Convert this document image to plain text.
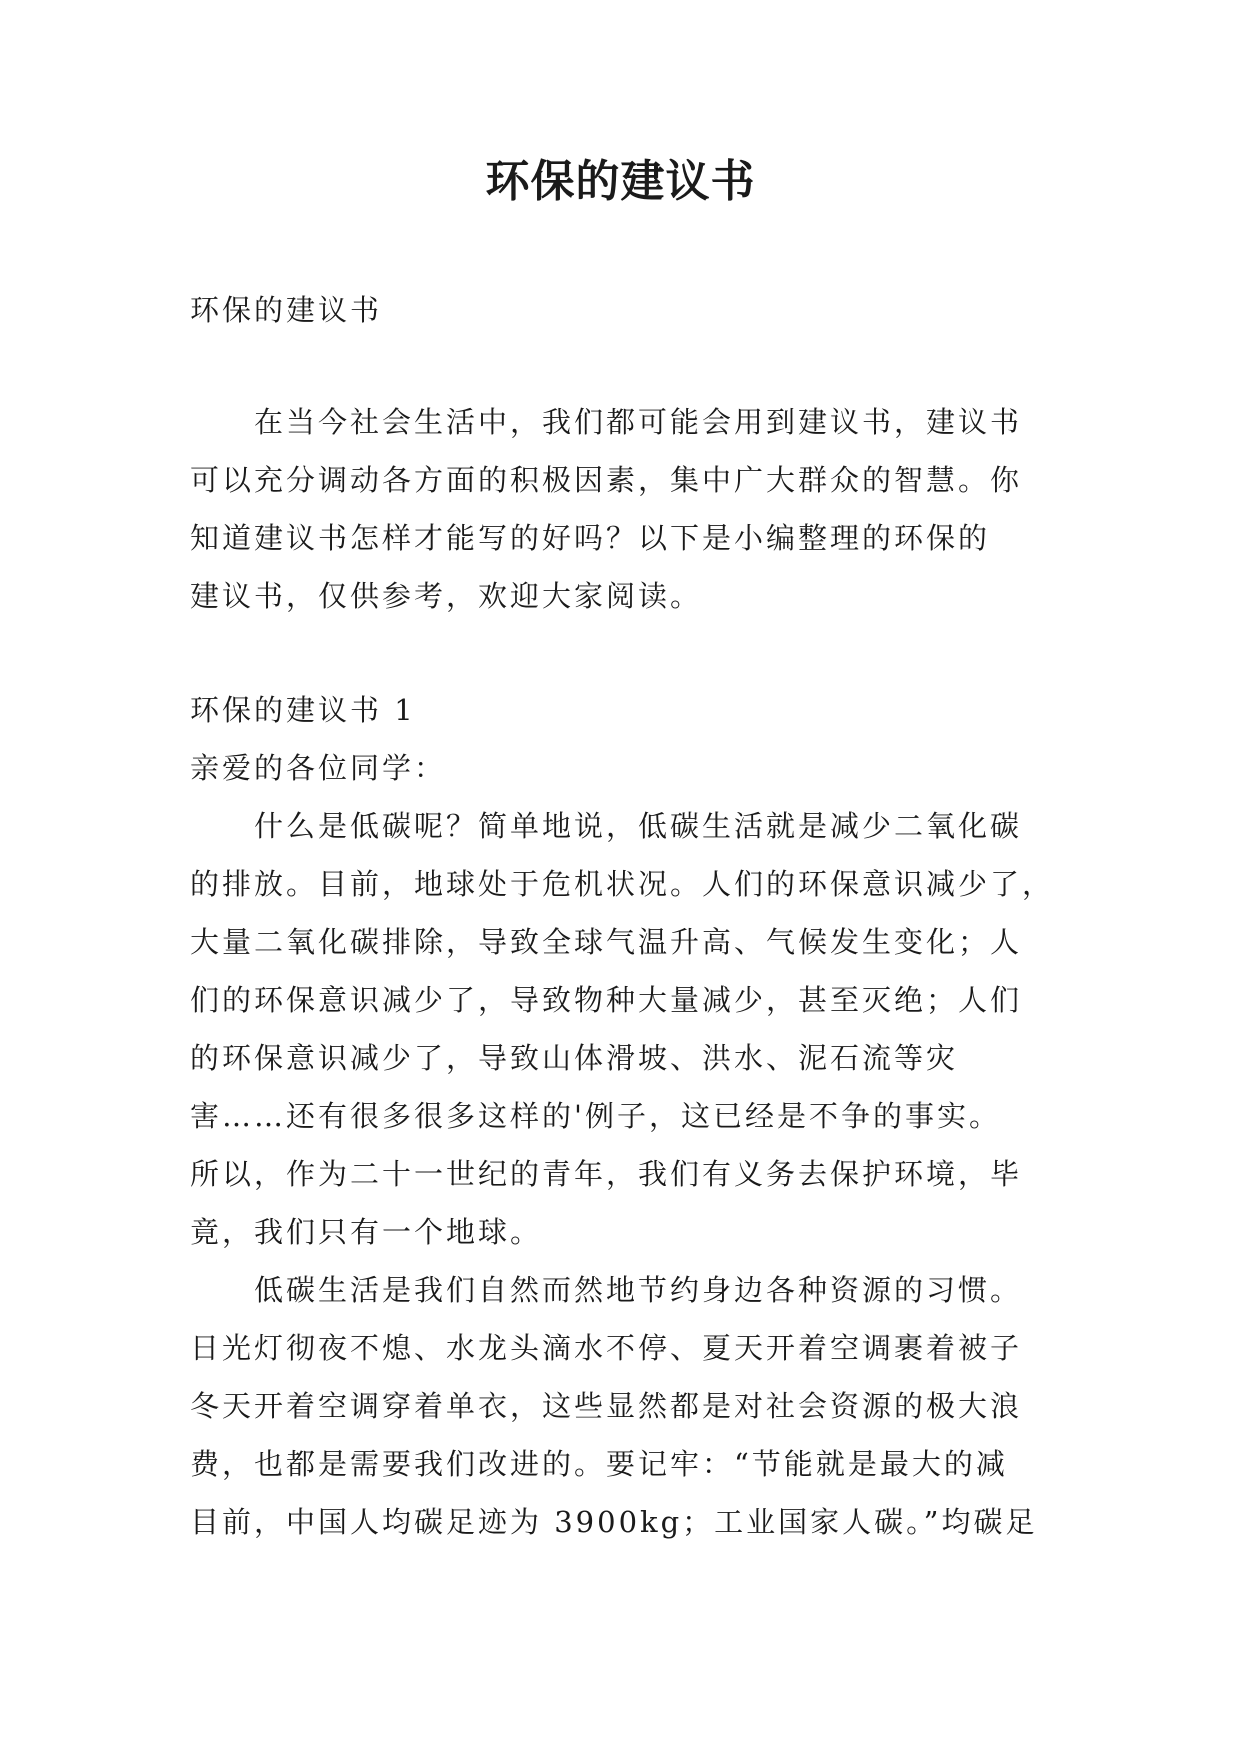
环保的建议书

环保的建议书

　　在当今社会生活中，我们都可能会用到建议书，建议书

可以充分调动各方面的积极因素，集中广大群众的智慧。你

知道建议书怎样才能写的好吗？以下是小编整理的环保的

建议书，仅供参考，欢迎大家阅读。

环保的建议书 1

亲爱的各位同学：

　　什么是低碳呢？简单地说，低碳生活就是减少二氧化碳

的排放。目前，地球处于危机状况。人们的环保意识减少了，

大量二氧化碳排除，导致全球气温升高、气候发生变化；人

们的环保意识减少了，导致物种大量减少，甚至灭绝；人们

的环保意识减少了，导致山体滑坡、洪水、泥石流等灾

害……还有很多很多这样的'例子，这已经是不争的事实。

所以，作为二十一世纪的青年，我们有义务去保护环境，毕

竟，我们只有一个地球。

　　低碳生活是我们自然而然地节约身边各种资源的习惯。

日光灯彻夜不熄、水龙头滴水不停、夏天开着空调裹着被子

冬天开着空调穿着单衣，这些显然都是对社会资源的极大浪

费，也都是需要我们改进的。要记牢：“节能就是最大的减

目前，中国人均碳足迹为 3900kg；工业国家人碳。”均碳足
